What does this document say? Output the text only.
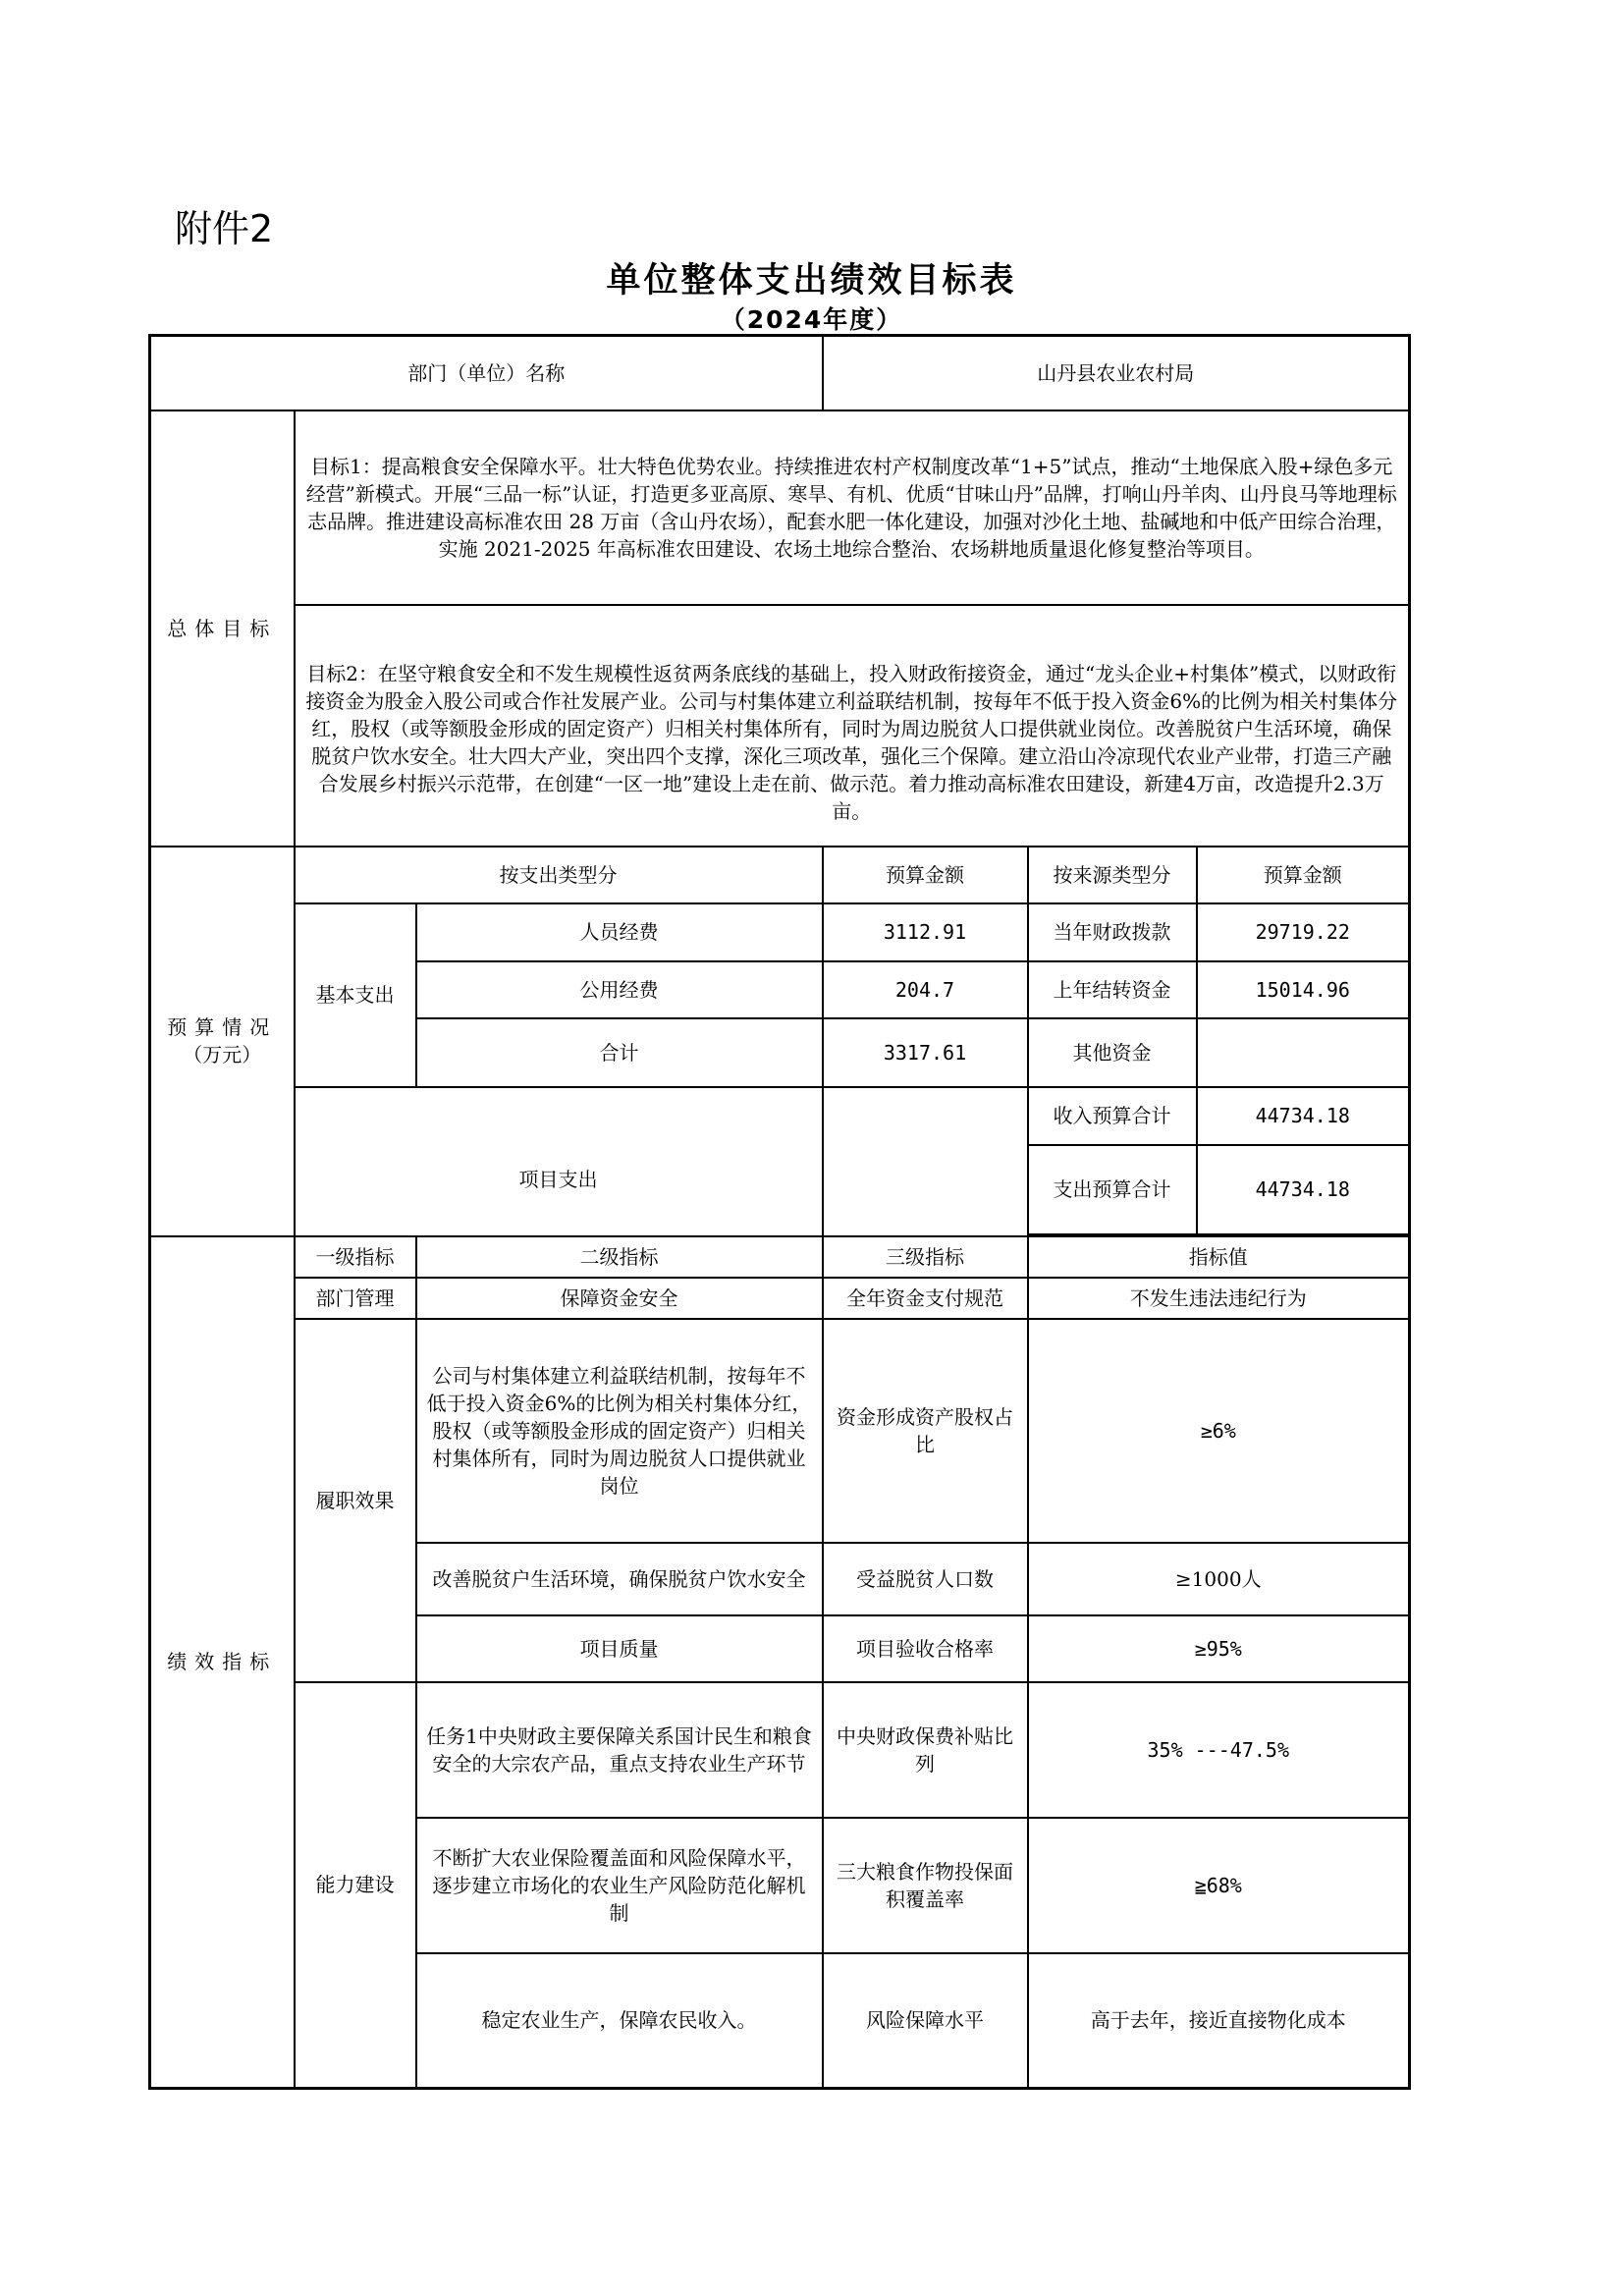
附件2
单位整体支出绩效目标表
（2024年度）
部门（单位）名称			山丹县农业农村局		
总体目标	目标1：提高粮食安全保障水平。壮大特色优势农业。持续推进农村产权制度改革“1+5”试点，推动“土地保底入股+绿色多元经营”新模式。开展“三品一标”认证，打造更多亚高原、寒旱、有机、优质“甘味山丹”品牌，打响山丹羊肉、山丹良马等地理标志品牌。推进建设高标准农田 28 万亩（含山丹农场），配套水肥一体化建设，加强对沙化土地、盐碱地和中低产田综合治理，实施 2021-2025 年高标准农田建设、农场土地综合整治、农场耕地质量退化修复整治等项目。				
	目标2：在坚守粮食安全和不发生规模性返贫两条底线的基础上，投入财政衔接资金，通过“龙头企业+村集体”模式，以财政衔接资金为股金入股公司或合作社发展产业。公司与村集体建立利益联结机制，按每年不低于投入资金6%的比例为相关村集体分红，股权（或等额股金形成的固定资产）归相关村集体所有，同时为周边脱贫人口提供就业岗位。改善脱贫户生活环境，确保脱贫户饮水安全。壮大四大产业，突出四个支撑，深化三项改革，强化三个保障。建立沿山冷凉现代农业产业带，打造三产融合发展乡村振兴示范带，在创建“一区一地”建设上走在前、做示范。着力推动高标准农田建设，新建4万亩，改造提升2.3万亩。				

预算情况
（万元）	按支出类型分		预算金额	按来源类型分	预算金额
	基本支出	人员经费	3112.91	当年财政拨款	29719.22
		公用经费	204.7	上年结转资金	15014.96
		合计	3317.61	其他资金	
	项目支出			收入预算合计	44734.18
				支出预算合计	44734.18

绩效指标	一级指标	二级指标	三级指标	指标值	
	部门管理	保障资金安全	全年资金支付规范	不发生违法违纪行为	
	履职效果	公司与村集体建立利益联结机制，按每年不低于投入资金6%的比例为相关村集体分红，股权（或等额股金形成的固定资产）归相关村集体所有，同时为周边脱贫人口提供就业岗位	资金形成资产股权占比	≥6%	
		改善脱贫户生活环境，确保脱贫户饮水安全	受益脱贫人口数	≥1000人	
		项目质量	项目验收合格率	≥95%	
	能力建设	任务1中央财政主要保障关系国计民生和粮食安全的大宗农产品，重点支持农业生产环节	中央财政保费补贴比列	35% ---47.5%	
		不断扩大农业保险覆盖面和风险保障水平，逐步建立市场化的农业生产风险防范化解机制	三大粮食作物投保面积覆盖率	≧68%	
		稳定农业生产，保障农民收入。	风险保障水平	高于去年，接近直接物化成本	
